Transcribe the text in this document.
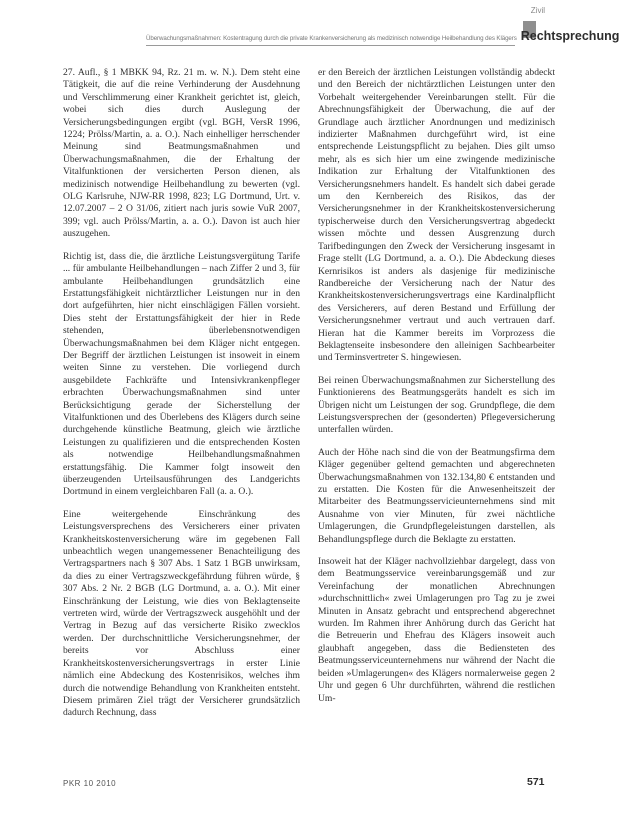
Zivil
Überwachungsmaßnahmen: Kostentragung durch die private Krankenversicherung als medizinisch notwendige Heilbehandlung des Klägers Rechtsprechung

27. Aufl., § 1 MBKK 94, Rz. 21 m. w. N.). Dem steht eine Tätigkeit, die auf die reine Verhinderung der Ausdehnung und Verschlimmerung einer Krankheit gerichtet ist, gleich, wobei sich dies durch Auslegung der Versicherungsbedingungen ergibt (vgl. BGH, VersR 1996, 1224; Prölss/Martin, a. a. O.). Nach einhelliger herrschender Meinung sind Beatmungsmaßnahmen und Überwachungsmaßnahmen, die der Erhaltung der Vitalfunktionen der versicherten Person dienen, als medizinisch notwendige Heilbehandlung zu bewerten (vgl. OLG Karlsruhe, NJW-RR 1998, 823; LG Dortmund, Urt. v. 12.07.2007 – 2 O 31/06, zitiert nach juris sowie VuR 2007, 399; vgl. auch Prölss/Martin, a. a. O.). Davon ist auch hier auszugehen.

Richtig ist, dass die, die ärztliche Leistungsvergütung Tarife ... für ambulante Heilbehandlungen – nach Ziffer 2 und 3, für ambulante Heilbehandlungen grundsätzlich eine Erstattungsfähigkeit nichtärztlicher Leistungen nur in den dort aufgeführten, hier nicht einschlägigen Fällen vorsieht. Dies steht der Erstattungsfähigkeit der hier in Rede stehenden, überlebensnotwendigen Überwachungsmaßnahmen bei dem Kläger nicht entgegen. Der Begriff der ärztlichen Leistungen ist insoweit in einem weiten Sinne zu verstehen. Die vorliegend durch ausgebildete Fachkräfte und Intensivkrankenpfleger erbrachten Überwachungsmaßnahmen sind unter Berücksichtigung gerade der Sicherstellung der Vitalfunktionen und des Überlebens des Klägers durch seine durchgehende künstliche Beatmung, gleich wie ärztliche Leistungen zu qualifizieren und die entsprechenden Kosten als notwendige Heilbehandlungsmaßnahmen erstattungsfähig. Die Kammer folgt insoweit den überzeugenden Urteilsausführungen des Landgerichts Dortmund in einem vergleichbaren Fall (a. a. O.).

Eine weitergehende Einschränkung des Leistungsversprechens des Versicherers einer privaten Krankheitskostenversicherung wäre im gegebenen Fall unbeachtlich wegen unangemessener Benachteiligung des Vertragspartners nach § 307 Abs. 1 Satz 1 BGB unwirksam, da dies zu einer Vertragszweckgefährdung führen würde, § 307 Abs. 2 Nr. 2 BGB (LG Dortmund, a. a. O.). Mit einer Einschränkung der Leistung, wie dies von Beklagtenseite vertreten wird, würde der Vertragszweck ausgehöhlt und der Vertrag in Bezug auf das versicherte Risiko zwecklos werden. Der durchschnittliche Versicherungsnehmer, der bereits vor Abschluss einer Krankheitskostenversicherungsvertrags in erster Linie nämlich eine Abdeckung des Kostenrisikos, welches ihm durch die notwendige Behandlung von Krankheiten entsteht. Diesem primären Ziel trägt der Versicherer grundsätzlich dadurch Rechnung, dass

er den Bereich der ärztlichen Leistungen vollständig abdeckt und den Bereich der nichtärztlichen Leistungen unter den Vorbehalt weitergehender Vereinbarungen stellt. Für die Abrechnungsfähigkeit der Überwachung, die auf der Grundlage auch ärztlicher Anordnungen und medizinisch indizierter Maßnahmen durchgeführt wird, ist eine entsprechende Leistungspflicht zu bejahen. Dies gilt umso mehr, als es sich hier um eine zwingende medizinische Indikation zur Erhaltung der Vitalfunktionen des Versicherungsnehmers handelt. Es handelt sich dabei gerade um den Kernbereich des Risikos, das der Versicherungsnehmer in der Krankheitskostenversicherung typischerweise durch den Versicherungsvertrag abgedeckt wissen möchte und dessen Ausgrenzung durch Tarifbedingungen den Zweck der Versicherung insgesamt in Frage stellt (LG Dortmund, a. a. O.). Die Abdeckung dieses Kernrisikos ist anders als dasjenige für medizinische Randbereiche der Versicherung nach der Natur des Krankheitskostenversicherungsvertrags eine Kardinalpflicht des Versicherers, auf deren Bestand und Erfüllung der Versicherungsnehmer vertraut und auch vertrauen darf. Hieran hat die Kammer bereits im Vorprozess die Beklagtenseite insbesondere den alleinigen Sachbearbeiter und Terminsvertreter S. hingewiesen.

Bei reinen Überwachungsmaßnahmen zur Sicherstellung des Funktionierens des Beatmungsgeräts handelt es sich im Übrigen nicht um Leistungen der sog. Grundpflege, die dem Leistungsversprechen der (gesonderten) Pflegeversicherung unterfallen würden.

Auch der Höhe nach sind die von der Beatmungsfirma dem Kläger gegenüber geltend gemachten und abgerechneten Überwachungsmaßnahmen von 132.134,80 € entstanden und zu erstatten. Die Kosten für die Anwesenheitszeit der Mitarbeiter des Beatmungsservicieunternehmens sind mit Ausnahme von vier Minuten, für zwei nächtliche Umlagerungen, die Grundpflegeleistungen darstellen, als Behandlungspflege durch die Beklagte zu erstatten.

Insoweit hat der Kläger nachvollziehbar dargelegt, dass von dem Beatmungsservice vereinbarungsgemäß und zur Vereinfachung der monatlichen Abrechnungen »durchschnittlich« zwei Umlagerungen pro Tag zu je zwei Minuten in Ansatz gebracht und entsprechend abgerechnet wurden. Im Rahmen ihrer Anhörung durch das Gericht hat die Betreuerin und Ehefrau des Klägers insoweit auch glaubhaft angegeben, dass die Bediensteten des Beatmungsserviceunternehmens nur während der Nacht die beiden »Umlagerungen« des Klägers normalerweise gegen 2 Uhr und gegen 6 Uhr durchführten, während die restlichen Um-

PKR 10 2010	571
